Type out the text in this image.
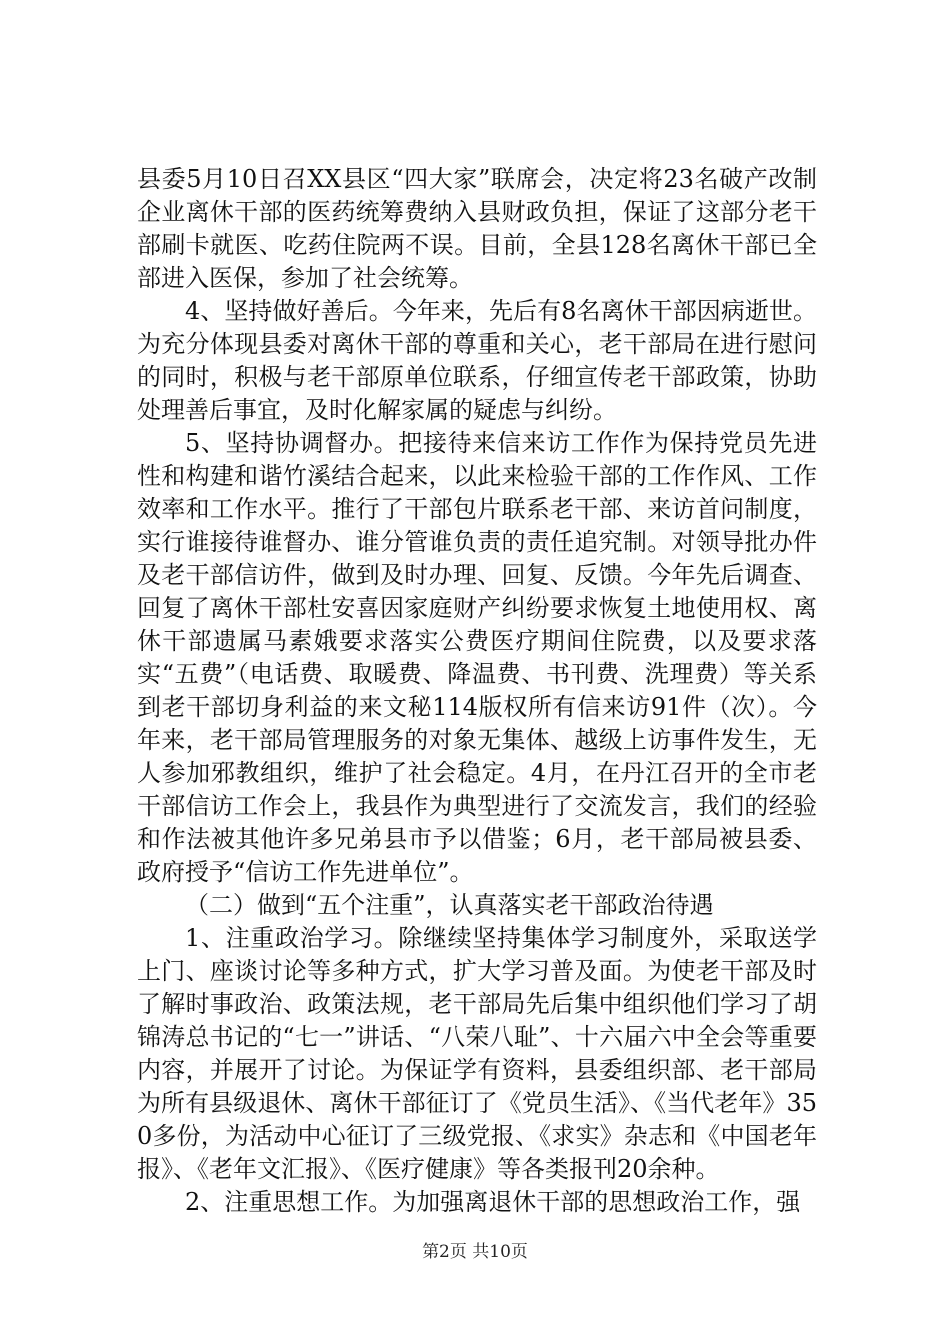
县委5月10日召XX县区“四大家”联席会，决定将23名破产改制企业离休干部的医药统筹费纳入县财政负担，保证了这部分老干部刷卡就医、吃药住院两不误。目前，全县128名离休干部已全部进入医保，参加了社会统筹。

4、坚持做好善后。今年来，先后有8名离休干部因病逝世。为充分体现县委对离休干部的尊重和关心，老干部局在进行慰问的同时，积极与老干部原单位联系，仔细宣传老干部政策，协助处理善后事宜，及时化解家属的疑虑与纠纷。

5、坚持协调督办。把接待来信来访工作作为保持党员先进性和构建和谐竹溪结合起来，以此来检验干部的工作作风、工作效率和工作水平。推行了干部包片联系老干部、来访首问制度，实行谁接待谁督办、谁分管谁负责的责任追究制。对领导批办件及老干部信访件，做到及时办理、回复、反馈。今年先后调查、回复了离休干部杜安喜因家庭财产纠纷要求恢复土地使用权、离休干部遗属马素娥要求落实公费医疗期间住院费，以及要求落实“五费”（电话费、取暖费、降温费、书刊费、洗理费）等关系到老干部切身利益的来文秘114版权所有信来访91件（次）。今年来，老干部局管理服务的对象无集体、越级上访事件发生，无人参加邪教组织，维护了社会稳定。4月，在丹江召开的全市老干部信访工作会上，我县作为典型进行了交流发言，我们的经验和作法被其他许多兄弟县市予以借鉴；6月，老干部局被县委、政府授予“信访工作先进单位”。

（二）做到“五个注重”，认真落实老干部政治待遇

1、注重政治学习。除继续坚持集体学习制度外，采取送学上门、座谈讨论等多种方式，扩大学习普及面。为使老干部及时了解时事政治、政策法规，老干部局先后集中组织他们学习了胡锦涛总书记的“七一”讲话、“八荣八耻”、十六届六中全会等重要内容，并展开了讨论。为保证学有资料，县委组织部、老干部局为所有县级退休、离休干部征订了《党员生活》、《当代老年》350多份，为活动中心征订了三级党报、《求实》杂志和《中国老年报》、《老年文汇报》、《医疗健康》等各类报刊20余种。

2、注重思想工作。为加强离退休干部的思想政治工作，强

第2页 共10页
